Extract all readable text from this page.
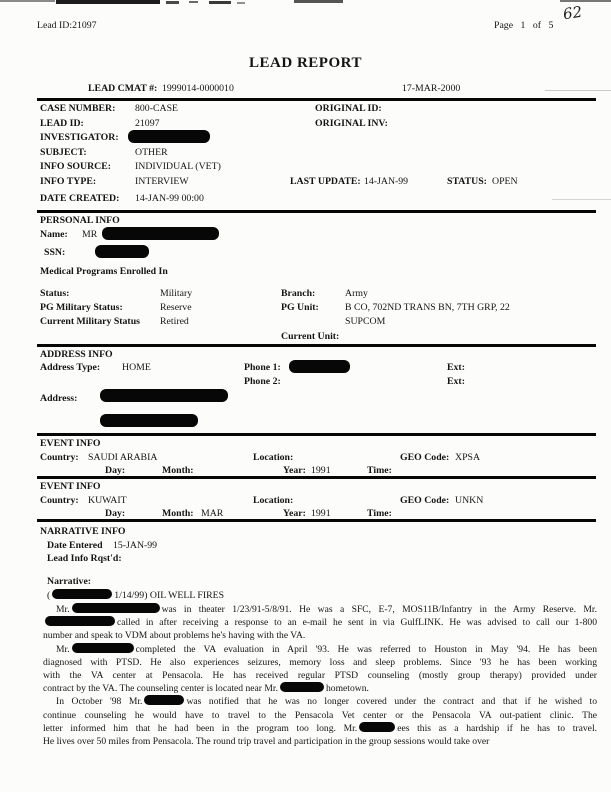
Lead ID:21097	Page 1 of 5
62
LEAD REPORT
LEAD CMAT #: 1999014-0000010	17-MAR-2000
CASE NUMBER: 800-CASE	ORIGINAL ID:
LEAD ID:	21097	ORIGINAL INV:
INVESTIGATOR:
SUBJECT:	OTHER
INFO SOURCE: INDIVIDUAL (VET)
INFO TYPE:	INTERVIEW	LAST UPDATE: 14-JAN-99	STATUS: OPEN
DATE CREATED: 14-JAN-99 00:00
PERSONAL INFO
Name: MR
SSN:
Medical Programs Enrolled In
Status:	Military	Branch:	Army
PG Military Status:	Reserve	PG Unit:	B CO, 702ND TRANS BN, 7TH GRP, 22
Current Military Status Retired	SUPCOM
Current Unit:
ADDRESS INFO
Address Type: HOME	Phone 1:	Ext:
Phone 2:	Ext:
Address:
EVENT INFO
Country: SAUDI ARABIA	Location:	GEO Code: XPSA
Day:	Month:	Year: 1991	Time:
EVENT INFO
Country: KUWAIT	Location:	GEO Code: UNKN
Day:	Month: MAR	Year: 1991	Time:
NARRATIVE INFO
Date Entered 15-JAN-99
Lead Info Rqst'd:
Narrative:
(	1/14/99) OIL WELL FIRES
Mr.	was in theater 1/23/91-5/8/91. He was a SFC, E-7, MOS11B/Infantry in the Army Reserve. Mr.
called in after receiving a response to an e-mail he sent in via GulfLINK. He was advised to call our 1-800
number and speak to VDM about problems he's having with the VA.
Mr.	completed the VA evaluation in April '93. He was referred to Houston in May '94. He has been
diagnosed with PTSD. He also experiences seizures, memory loss and sleep problems. Since '93 he has been working
with the VA center at Pensacola. He has received regular PTSD counseling (mostly group therapy) provided under
contract by the VA. The counseling center is located near Mr.	hometown.
In October '98 Mr.	was notified that he was no longer covered under the contract and that if he wished to
continue counseling he would have to travel to the Pensacola Vet center or the Pensacola VA out-patient clinic. The
letter informed him that he had been in the program too long. Mr.	ees this as a hardship if he has to travel.
He lives over 50 miles from Pensacola. The round trip travel and participation in the group sessions would take over
